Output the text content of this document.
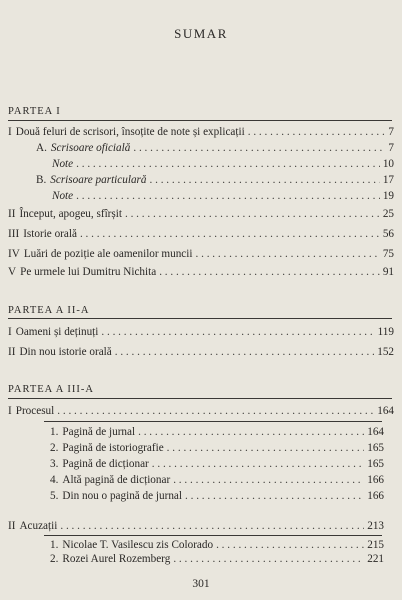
SUMAR
PARTEA I
I Două feluri de scrisori, însoțite de note și explicații . . .	7
A. Scrisoare oficială . . .	7
Note . . .	10
B. Scrisoare particulară . . .	17
Note . . .	19
II Început, apogeu, sfîrșit . . .	25
III Istorie orală . . .	56
IV Luări de poziție ale oamenilor muncii . . .	75
V Pe urmele lui Dumitru Nichita . . .	91
PARTEA A II-A
I Oameni și deținuți . . .	119
II Din nou istorie orală . . .	152
PARTEA A III-A
I Procesul . . .	164
1. Pagină de jurnal . . .	164
2. Pagină de istoriografie . . .	165
3. Pagină de dicționar . . .	165
4. Altă pagină de dicționar . . .	166
5. Din nou o pagină de jurnal . . .	166
II Acuzații . . .	213
1. Nicolae T. Vasilescu zis Colorado . . .	215
2. Rozei Aurel Rozemberg . . .	221
301
